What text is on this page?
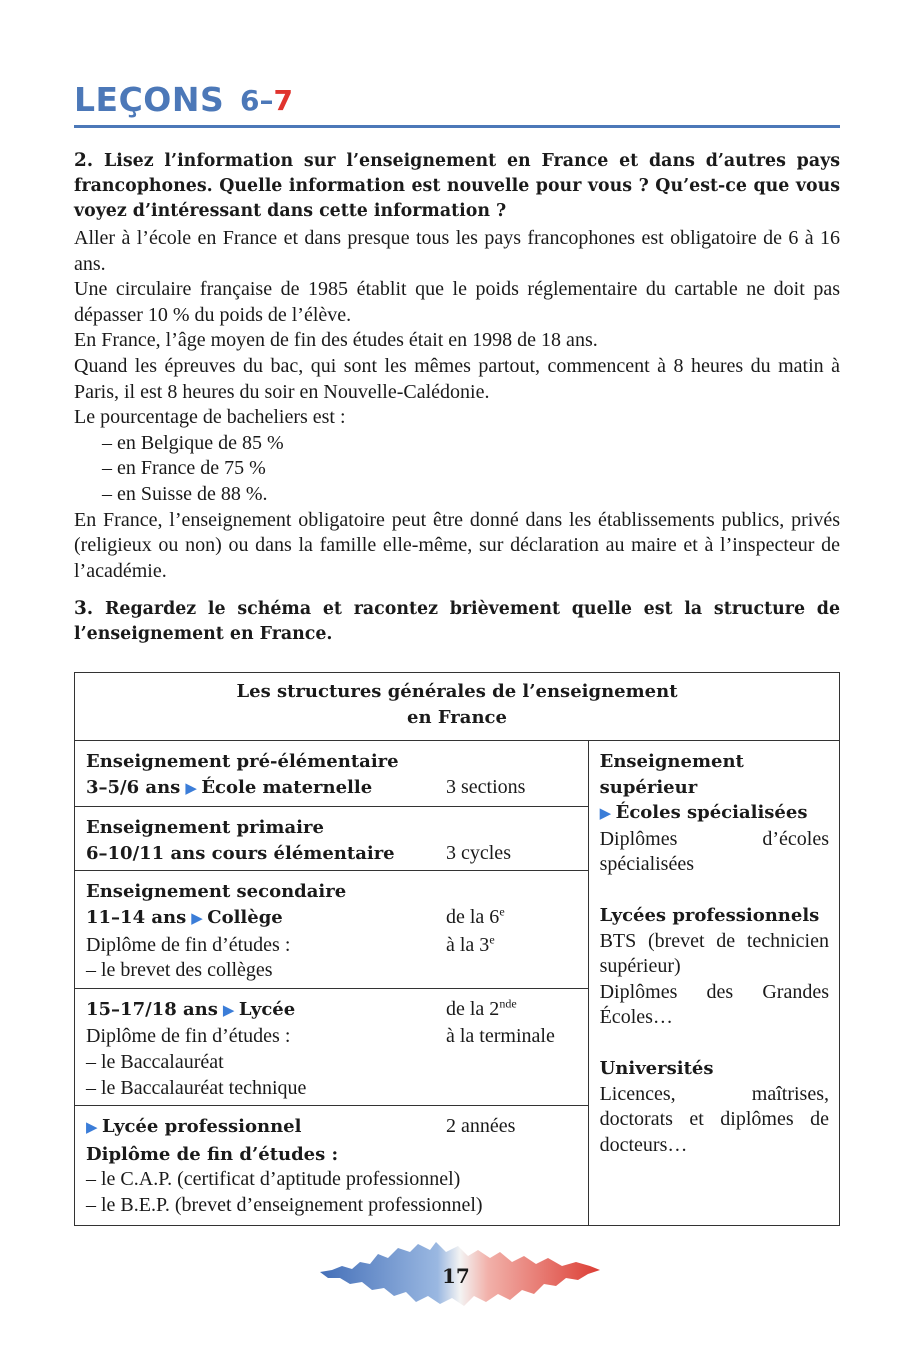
LEÇONS 6–7
2. Lisez l’information sur l’enseignement en France et dans d’autres pays francophones. Quelle information est nouvelle pour vous ? Qu’est-ce que vous voyez d’intéressant dans cette information ?

Aller à l’école en France et dans presque tous les pays francophones est obligatoire de 6 à 16 ans.

Une circulaire française de 1985 établit que le poids réglementaire du cartable ne doit pas dépasser 10 % du poids de l’élève.

En France, l’âge moyen de fin des études était en 1998 de 18 ans.

Quand les épreuves du bac, qui sont les mêmes partout, commencent à 8 heures du matin à Paris, il est 8 heures du soir en Nouvelle-Calédonie.

Le pourcentage de bacheliers est :

– en Belgique de 85 %
– en France de 75 %
– en Suisse de 88 %.

En France, l’enseignement obligatoire peut être donné dans les établissements publics, privés (religieux ou non) ou dans la famille elle-même, sur déclaration au maire et à l’inspecteur de l’académie.

3. Regardez le schéma et racontez brièvement quelle est la structure de l’enseignement en France.
Les structures générales de l’enseignement
en France

Enseignement pré-élémentaire
3–5/6 ans ▶ École maternelle	3 sections

Enseignement supérieur
▶ Écoles spécialisées
Diplômes d’écoles spécialisées
Lycées professionnels
BTS (brevet de technicien supérieur)
Diplômes des Grandes Écoles…
Universités
Licences, maîtrises, doctorats et diplômes de docteurs…

Enseignement primaire
6–10/11 ans cours élémentaire	3 cycles

Enseignement secondaire
11–14 ans ▶ Collège	de la 6e
Diplôme de fin d’études :	à la 3e
– le brevet des collèges

15–17/18 ans ▶ Lycée	de la 2nde
Diplôme de fin d’études :	à la terminale
– le Baccalauréat
– le Baccalauréat technique

▶ Lycée professionnel	2 années
Diplôme de fin d’études :
– le C.A.P. (certificat d’aptitude professionnel)
– le B.E.P. (brevet d’enseignement professionnel)
17
